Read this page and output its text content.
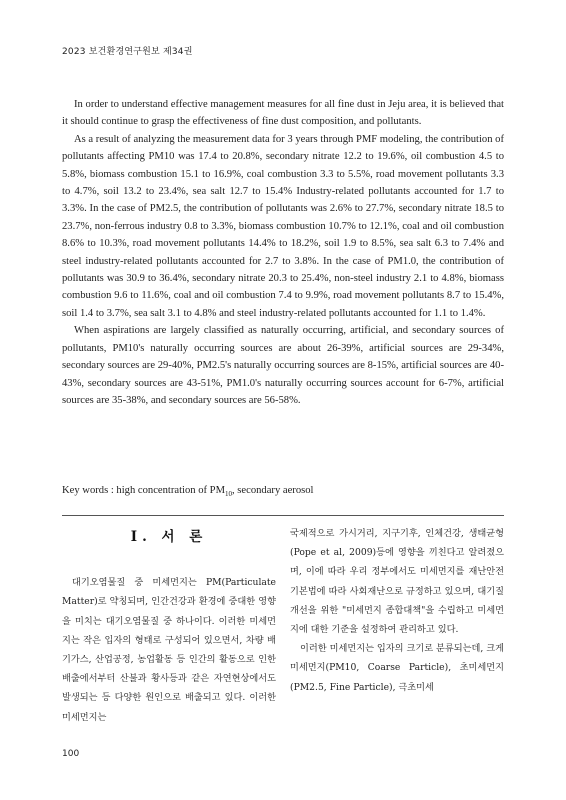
2023 보건환경연구원보 제34권

In order to understand effective management measures for all fine dust in Jeju area, it is believed that it should continue to grasp the effectiveness of fine dust composition, and pollutants.

As a result of analyzing the measurement data for 3 years through PMF modeling, the contribution of pollutants affecting PM10 was 17.4 to 20.8%, secondary nitrate 12.2 to 19.6%, oil combustion 4.5 to 5.8%, biomass combustion 15.1 to 16.9%, coal combustion 3.3 to 5.5%, road movement pollutants 3.3 to 4.7%, soil 13.2 to 23.4%, sea salt 12.7 to 15.4% Industry-related pollutants accounted for 1.7 to 3.3%. In the case of PM2.5, the contribution of pollutants was 2.6% to 27.7%, secondary nitrate 18.5 to 23.7%, non-ferrous industry 0.8 to 3.3%, biomass combustion 10.7% to 12.1%, coal and oil combustion 8.6% to 10.3%, road movement pollutants 14.4% to 18.2%, soil 1.9 to 8.5%, sea salt 6.3 to 7.4% and steel industry-related pollutants accounted for 2.7 to 3.8%. In the case of PM1.0, the contribution of pollutants was 30.9 to 36.4%, secondary nitrate 20.3 to 25.4%, non-steel industry 2.1 to 4.8%, biomass combustion 9.6 to 11.6%, coal and oil combustion 7.4 to 9.9%, road movement pollutants 8.7 to 15.4%, soil 1.4 to 3.7%, sea salt 3.1 to 4.8% and steel industry-related pollutants accounted for 1.1 to 1.4%.

When aspirations are largely classified as naturally occurring, artificial, and secondary sources of pollutants, PM10's naturally occurring sources are about 26-39%, artificial sources are 29-34%, secondary sources are 29-40%, PM2.5's naturally occurring sources are 8-15%, artificial sources are 40-43%, secondary sources are 43-51%, PM1.0's naturally occurring sources account for 6-7%, artificial sources are 35-38%, and secondary sources are 56-58%.

Key words : high concentration of $PM_{10}$, secondary aerosol
I. 서 론

대기오염물질 중 미세먼지는 PM(Particulate Matter)로 약칭되며, 인간건강과 환경에 중대한 영향을 미치는 대기오염물질 중 하나이다. 이러한 미세먼지는 작은 입자의 형태로 구성되어 있으면서, 차량 배기가스, 산업공정, 농업활동 등 인간의 활동으로 인한 배출에서부터 산불과 황사등과 같은 자연현상에서도 발생되는 등 다양한 원인으로 배출되고 있다. 이러한 미세먼지는

국제적으로 가시거리, 지구기후, 인체건강, 생태균형(Pope et al, 2009)등에 영향을 끼친다고 알려졌으며, 이에 따라 우리 정부에서도 미세먼지를 재난안전기본법에 따라 사회재난으로 규정하고 있으며, 대기질 개선을 위한 "미세먼지 종합대책"을 수립하고 미세먼지에 대한 기준을 설정하여 관리하고 있다.

이러한 미세먼지는 입자의 크기로 분류되는데, 크게 미세먼지(PM10, Coarse Particle), 초미세먼지(PM2.5, Fine Particle), 극초미세

100
